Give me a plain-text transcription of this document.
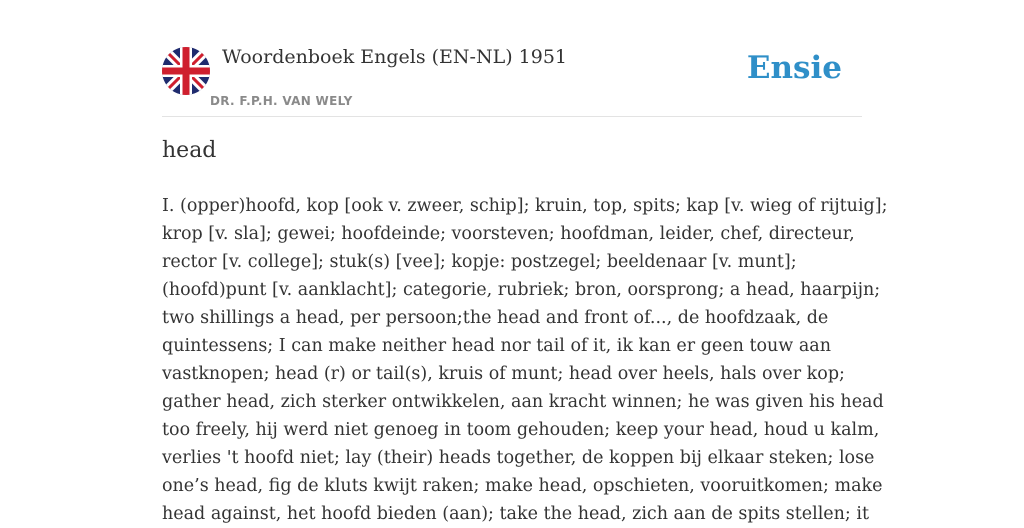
Woordenboek Engels (EN-NL) 1951
DR. F.P.H. VAN WELY
Ensie
head
I. (opper)hoofd, kop [ook v. zweer, schip]; kruin, top, spits; kap [v. wieg of rijtuig];
krop [v. sla]; gewei; hoofdeinde; voorsteven; hoofdman, leider, chef, directeur,
rector [v. college]; stuk(s) [vee]; kopje: postzegel; beeldenaar [v. munt];
(hoofd)punt [v. aanklacht]; categorie, rubriek; bron, oorsprong; a head, haarpijn;
two shillings a head, per persoon;the head and front of..., de hoofdzaak, de
quintessens; I can make neither head nor tail of it, ik kan er geen touw aan
vastknopen; head (r) or tail(s), kruis of munt; head over heels, hals over kop;
gather head, zich sterker ontwikkelen, aan kracht winnen; he was given his head
too freely, hij werd niet genoeg in toom gehouden; keep your head, houd u kalm,
verlies 't hoofd niet; lay (their) heads together, de koppen bij elkaar steken; lose
one’s head, fig de kluts kwijt raken; make head, opschieten, vooruitkomen; make
head against, het hoofd bieden (aan); take the head, zich aan de spits stellen; it
